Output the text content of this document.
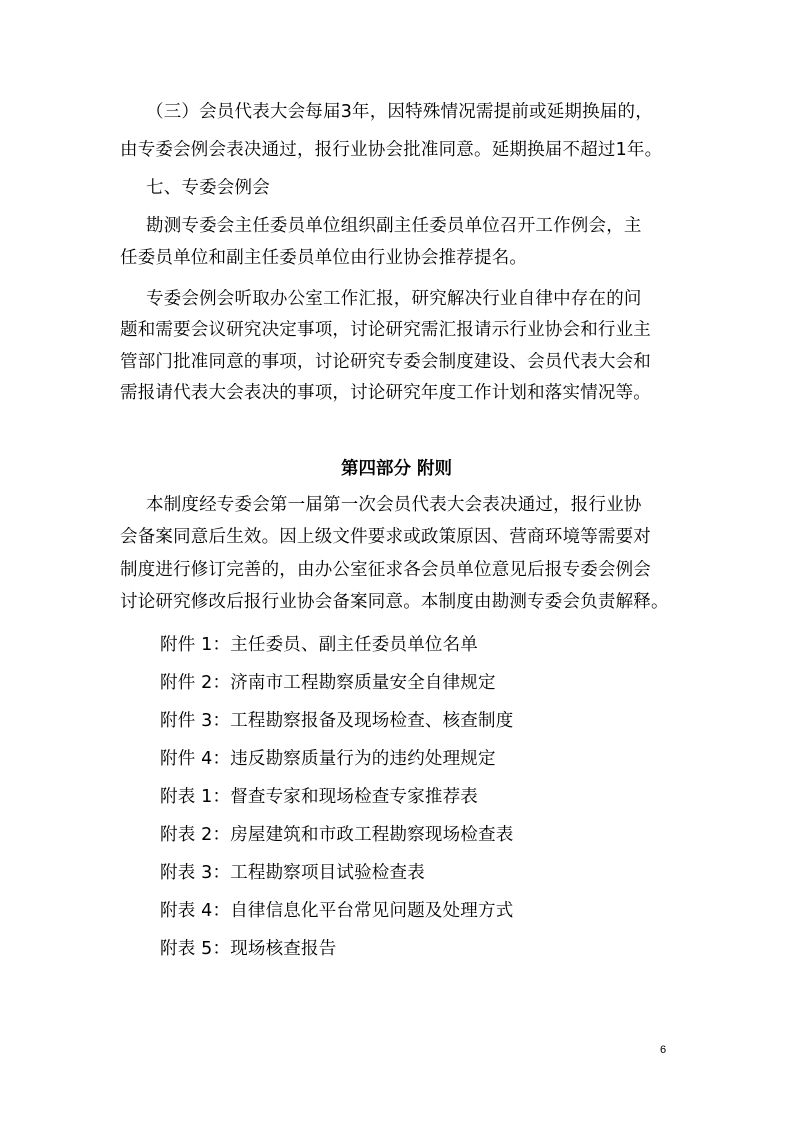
（三）会员代表大会每届3年，因特殊情况需提前或延期换届的，
由专委会例会表决通过，报行业协会批准同意。延期换届不超过1年。
七、专委会例会
勘测专委会主任委员单位组织副主任委员单位召开工作例会，主
任委员单位和副主任委员单位由行业协会推荐提名。
专委会例会听取办公室工作汇报，研究解决行业自律中存在的问
题和需要会议研究决定事项，讨论研究需汇报请示行业协会和行业主
管部门批准同意的事项，讨论研究专委会制度建设、会员代表大会和
需报请代表大会表决的事项，讨论研究年度工作计划和落实情况等。
第四部分 附则
本制度经专委会第一届第一次会员代表大会表决通过，报行业协
会备案同意后生效。因上级文件要求或政策原因、营商环境等需要对
制度进行修订完善的，由办公室征求各会员单位意见后报专委会例会
讨论研究修改后报行业协会备案同意。本制度由勘测专委会负责解释。
附件 1：主任委员、副主任委员单位名单
附件 2：济南市工程勘察质量安全自律规定
附件 3：工程勘察报备及现场检查、核查制度
附件 4：违反勘察质量行为的违约处理规定
附表 1：督查专家和现场检查专家推荐表
附表 2：房屋建筑和市政工程勘察现场检查表
附表 3：工程勘察项目试验检查表
附表 4：自律信息化平台常见问题及处理方式
附表 5：现场核查报告
6
